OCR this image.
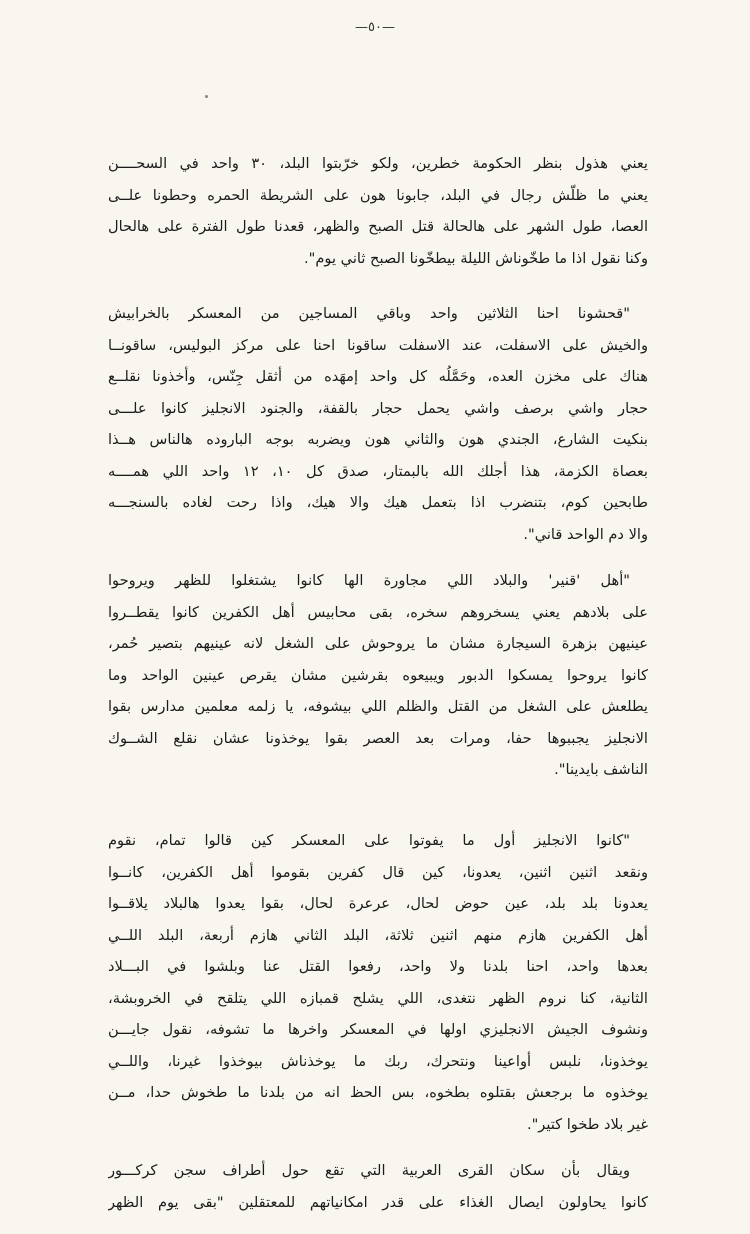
—٥٠—
يعني هذول بنظر الحكومة خطرين، ولكو خرّبتوا البلد، ٣٠ واحد في السحــــن
يعني ما ظلّش رجال في البلد، جابونا هون على الشريطة الحمره وحطونا علــى
العصا، طول الشهر على هالحالة قتل الصبح والظهر، قعدنا طول الفترة على هالحال
وكنا نقول اذا ما طخّوناش الليلة بيطخّونا الصبح ثاني يوم".
"قحشونا احنا الثلاثين واحد وباقي المساجين من المعسكر بالخرابيش
والخيش على الاسفلت، عند الاسفلت ساقونا احنا على مركز البوليس، ساقونــا
هناك على مخزن العده، وحَمَّلُه كل واحد إمهَده من أثقل جِنّس، وأخذونا نقلــع
حجار واشي برصف واشي يحمل حجار بالقفة، والجنود الانجليز كانوا علـــى
بنكيت الشارع، الجندي هون والثاني هون ويضربه بوجه الباروده هالناس هــذا
بعصاة الكزمة، هذا أجلك الله بالبمتار، صدق كل ١٠، ١٢ واحد اللي همــــه
طابحين كوم، بتنضرب اذا بتعمل هيك والا هيك، واذا رحت لغاده بالسنجـــه
والا دم الواحد قاني".
"أهل 'قنير' والبلاد اللي مجاورة الها كانوا يشتغلوا للظهر ويروحوا
على بلادهم يعني يسخروهم سخره، بقى محابيس أهل الكفرين كانوا يقطــروا
عينيهن بزهرة السيجارة مشان ما يروحوش على الشغل لانه عينيهم بتصير حُمر،
كانوا يروحوا يمسكوا الدبور ويبيعوه بقرشين مشان يقرص عينين الواحد وما
يطلعش على الشغل من القتل والظلم اللي بيشوفه، يا زلمه معلمين مدارس بقوا
الانجليز يجببوها حفا، ومرات بعد العصر بقوا يوخذونا عشان نقلع الشــوك
الناشف بايدينا".
"كانوا الانجليز أول ما يفوتوا على المعسكر كين قالوا تمام، نقوم
ونقعد اثنين اثنين، يعدونا، كين قال كفرين بقوموا أهل الكفرين، كانــوا
يعدونا بلد بلد، عين حوض لحال، عرعرة لحال، بقوا يعدوا هالبلاد يلاقــوا
أهل الكفرين هازم منهم اثنين ثلاثة، البلد الثاني هازم أربعة، البلد اللــي
بعدها واحد، احنا بلدنا ولا واحد، رفعوا القتل عنا وبلشوا في البـــلاد
الثانية، كنا نروم الظهر نتغدى، اللي يشلح قمبازه اللي يتلقح في الخروبشة،
ونشوف الجيش الانجليزي اولها في المعسكر واخرها ما تشوفه، نقول جايـــن
يوخذونا، نلبس أواعينا ونتحرك، ربك ما يوخذناش بيوخذوا غيرنا، واللــي
يوخذوه ما برجعش بقتلوه بطخوه، بس الحظ انه من بلدنا ما طخوش حدا، مــن
غير بلاد طخوا كتير".
ويقال بأن سكان القرى العربية التي تقع حول أطراف سجن كركـــور
كانوا يحاولون ايصال الغذاء على قدر امكانياتهم للمعتقلين "بقى يوم الظهر
